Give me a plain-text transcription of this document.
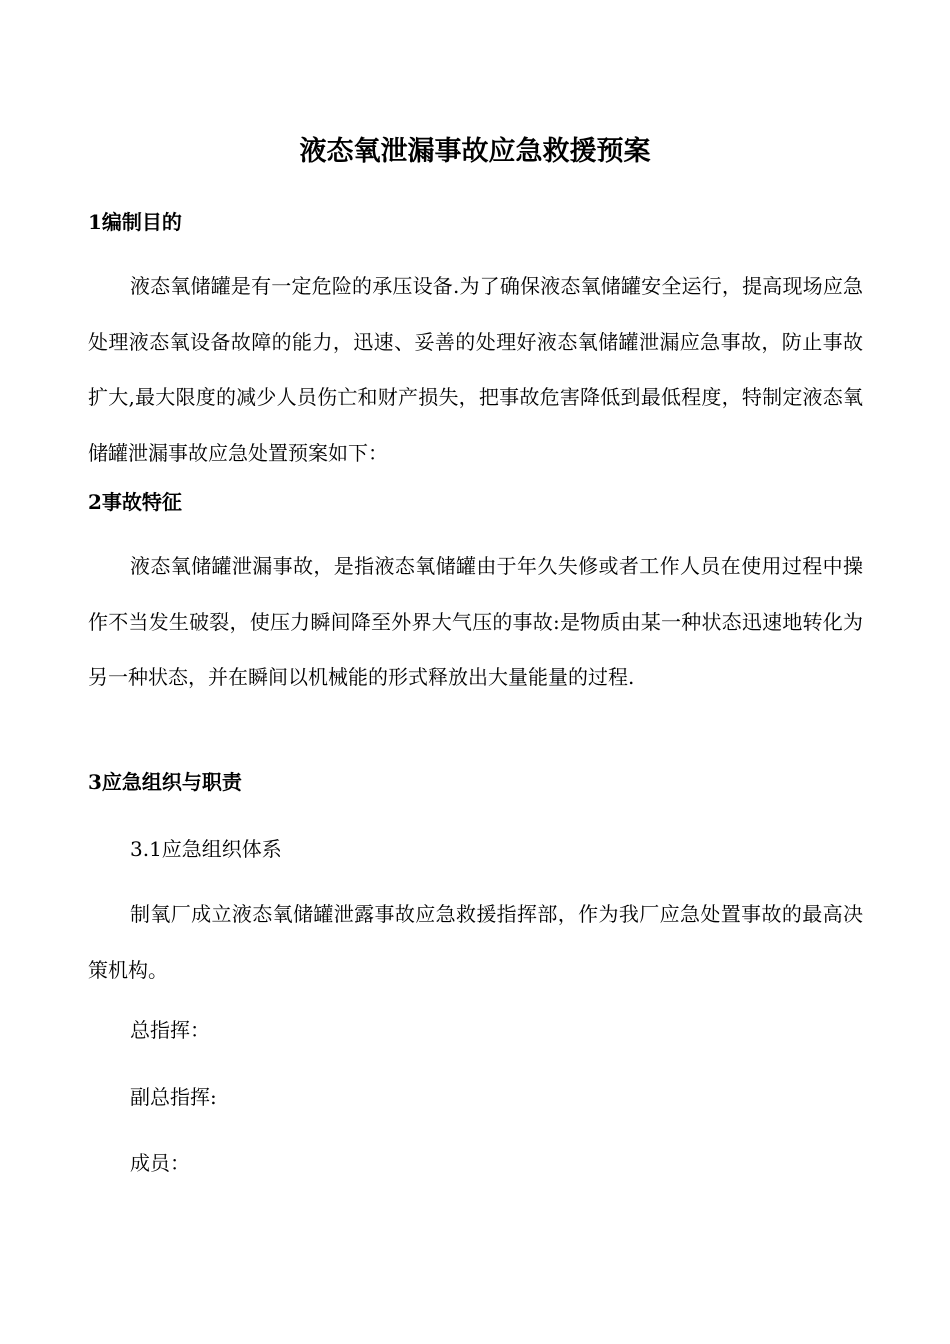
液态氧泄漏事故应急救援预案
1编制目的
液态氧储罐是有一定危险的承压设备.为了确保液态氧储罐安全运行，提高现场应急处理液态氧设备故障的能力，迅速、妥善的处理好液态氧储罐泄漏应急事故，防止事故扩大,最大限度的减少人员伤亡和财产损失，把事故危害降低到最低程度，特制定液态氧储罐泄漏事故应急处置预案如下：
2事故特征
液态氧储罐泄漏事故，是指液态氧储罐由于年久失修或者工作人员在使用过程中操作不当发生破裂，使压力瞬间降至外界大气压的事故:是物质由某一种状态迅速地转化为另一种状态，并在瞬间以机械能的形式释放出大量能量的过程.
3应急组织与职责
3.1应急组织体系
制氧厂成立液态氧储罐泄露事故应急救援指挥部，作为我厂应急处置事故的最高决策机构。
总指挥：
副总指挥:
成员：
